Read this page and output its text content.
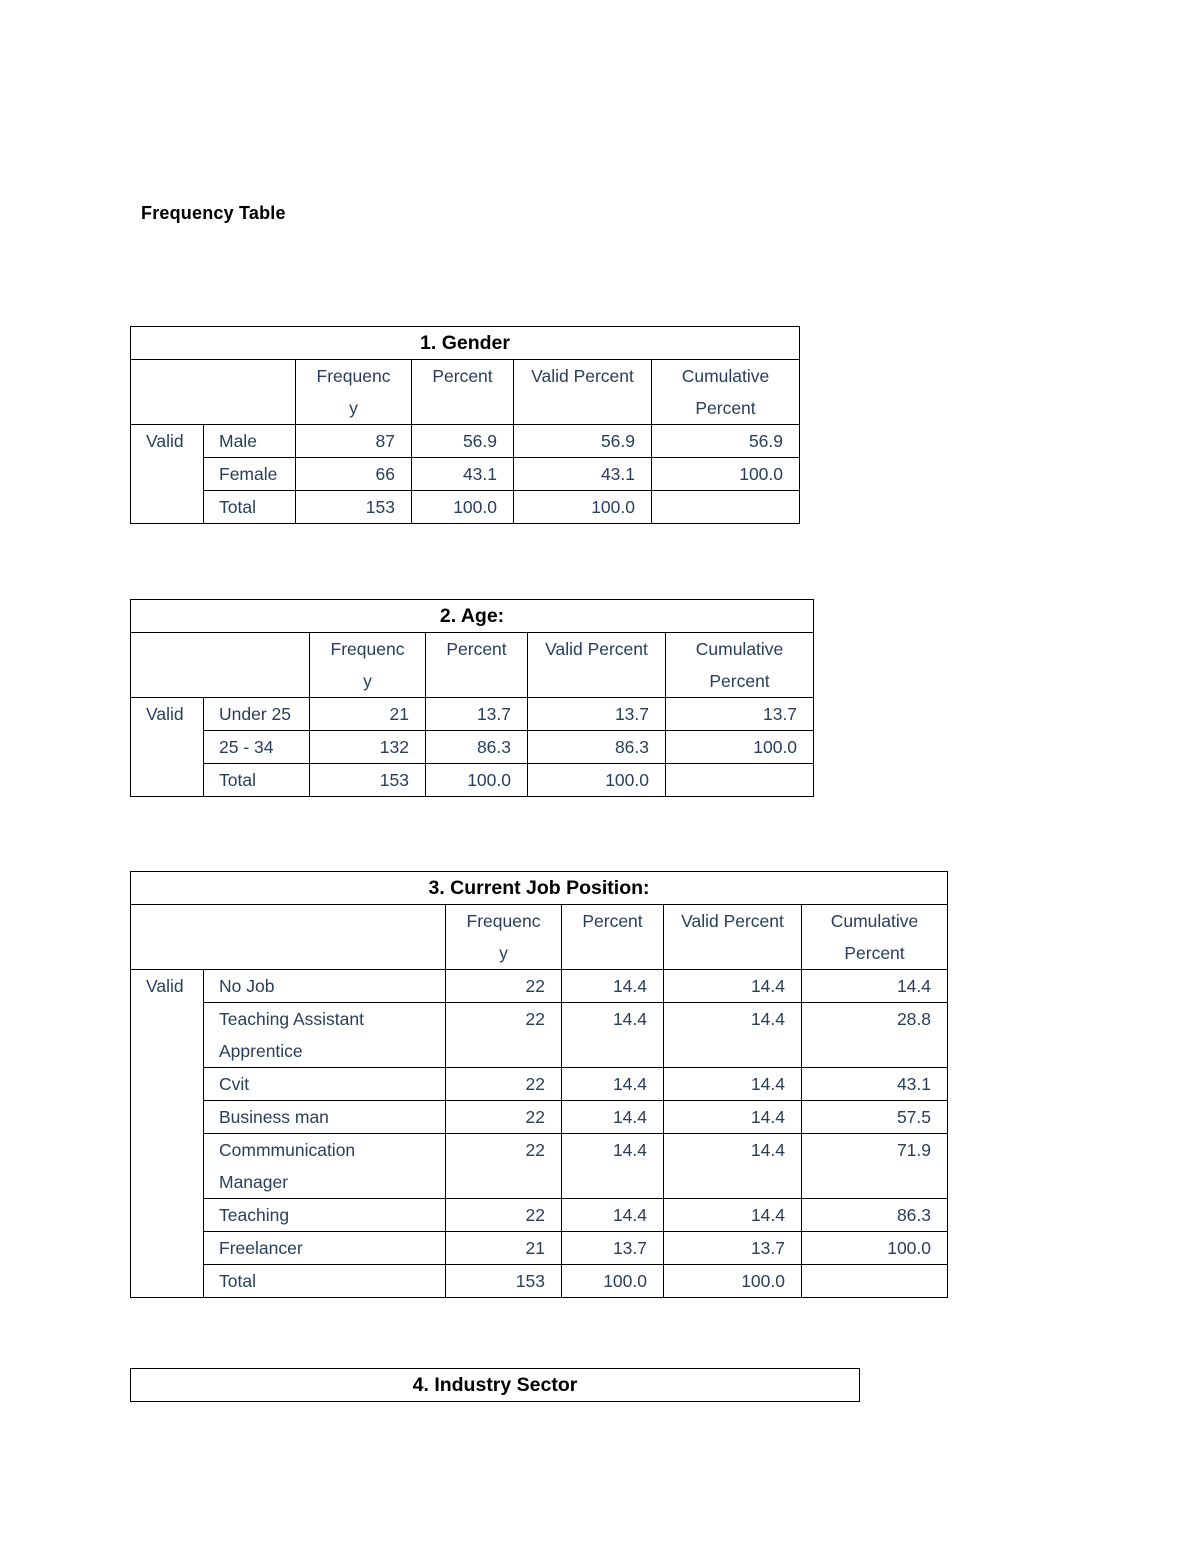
Frequency Table
1. Gender					

		Frequenc
y	Percent	Valid Percent	Cumulative
Percent

Valid	Male	87	56.9	56.9	56.9
	Female	66	43.1	43.1	100.0
	Total	153	100.0	100.0	
2. Age:					

		Frequenc
y	Percent	Valid Percent	Cumulative
Percent

Valid	Under 25	21	13.7	13.7	13.7
	25 - 34	132	86.3	86.3	100.0
	Total	153	100.0	100.0	
3. Current Job Position:					

		Frequenc
y	Percent	Valid Percent	Cumulative
Percent

Valid	No Job	22	14.4	14.4	14.4

	Teaching Assistant
Apprentice	22	14.4	14.4	28.8
	Cvit	22	14.4	14.4	43.1
	Business man	22	14.4	14.4	57.5

	Commmunication
Manager	22	14.4	14.4	71.9
	Teaching	22	14.4	14.4	86.3
	Freelancer	21	13.7	13.7	100.0
	Total	153	100.0	100.0	
4. Industry Sector
